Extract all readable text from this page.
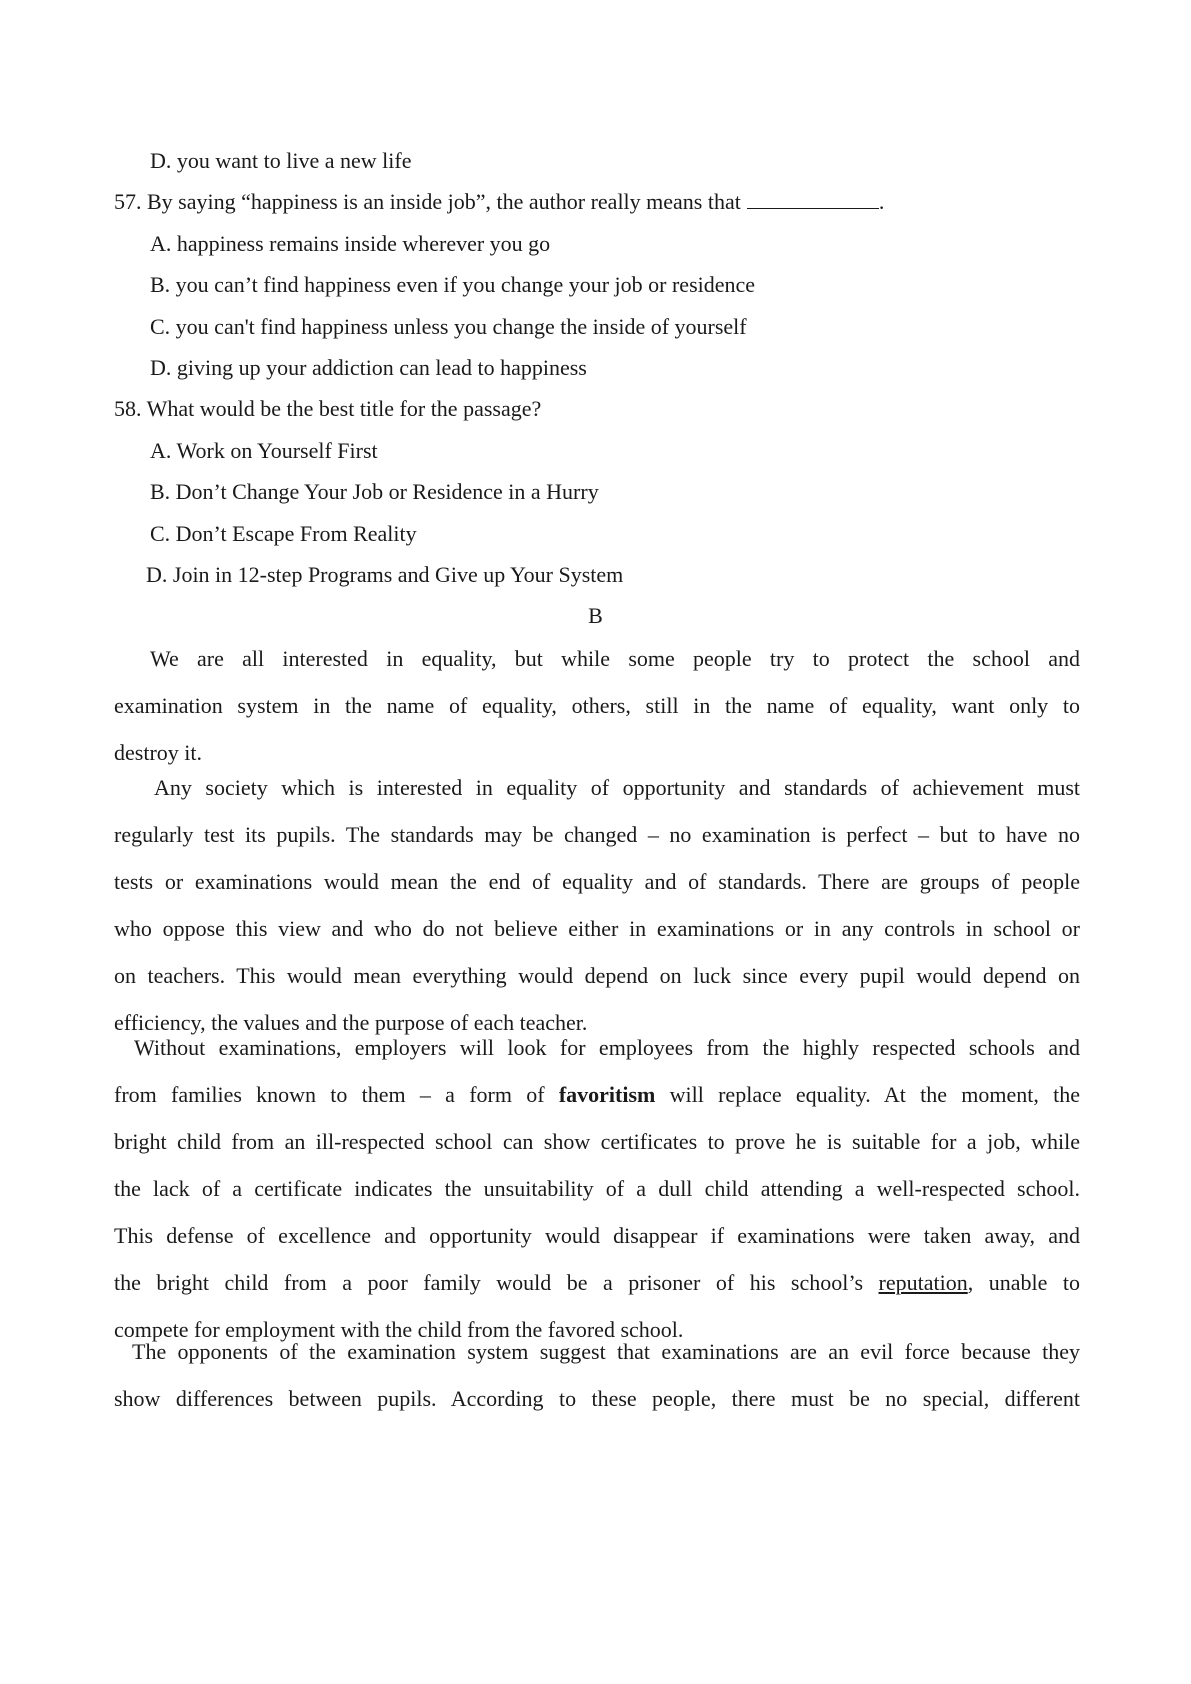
D. you want to live a new life
57. By saying “happiness is an inside job”, the author really means that	.
A. happiness remains inside wherever you go
B. you can’t find happiness even if you change your job or residence
C. you can't find happiness unless you change the inside of yourself
D. giving up your addiction can lead to happiness
58. What would be the best title for the passage?
A. Work on Yourself First
B. Don’t Change Your Job or Residence in a Hurry
C. Don’t Escape From Reality
D. Join in 12-step Programs and Give up Your System
B
We are all interested in equality, but while some people try to protect the school and
examination system in the name of equality, others, still in the name of equality, want only to
destroy it.
Any society which is interested in equality of opportunity and standards of achievement must
regularly test its pupils. The standards may be changed – no examination is perfect – but to have no
tests or examinations would mean the end of equality and of standards. There are groups of people
who oppose this view and who do not believe either in examinations or in any controls in school or
on teachers. This would mean everything would depend on luck since every pupil would depend on
efficiency, the values and the purpose of each teacher.
Without examinations, employers will look for employees from the highly respected schools and
from families known to them – a form of favoritism will replace equality. At the moment, the
bright child from an ill-respected school can show certificates to prove he is suitable for a job, while
the lack of a certificate indicates the unsuitability of a dull child attending a well-respected school.
This defense of excellence and opportunity would disappear if examinations were taken away, and
the bright child from a poor family would be a prisoner of his school’s reputation, unable to
compete for employment with the child from the favored school.
The opponents of the examination system suggest that examinations are an evil force because they
show differences between pupils. According to these people, there must be no special, different
